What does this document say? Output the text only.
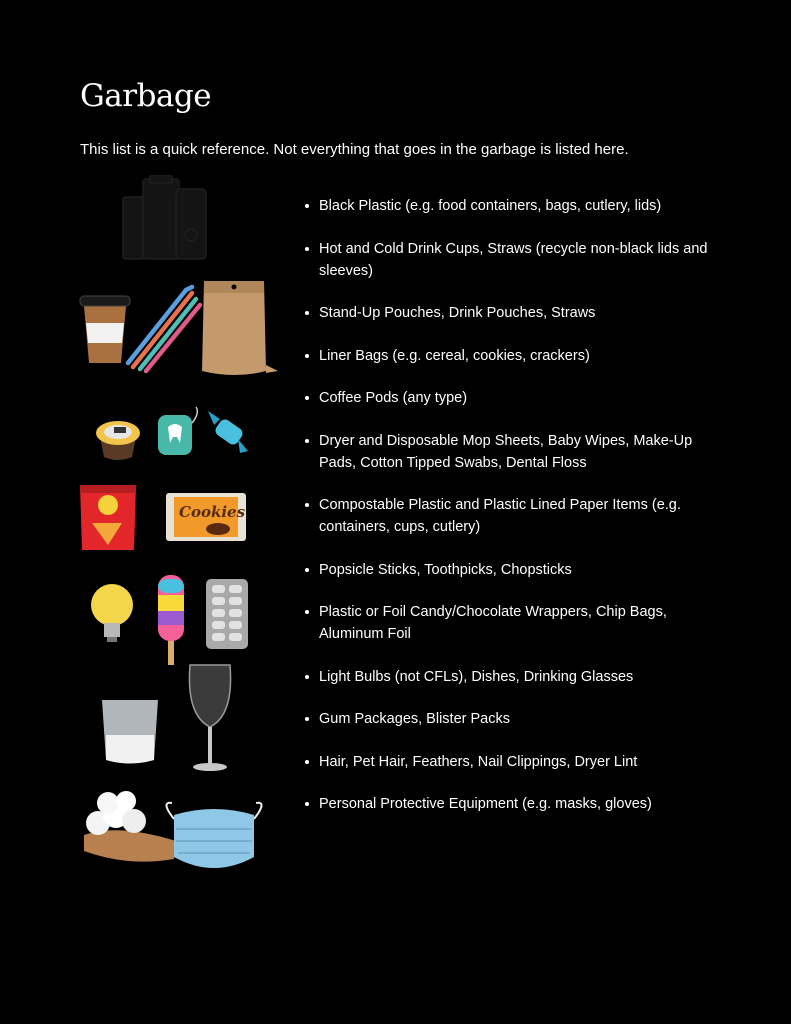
Garbage

This list is a quick reference. Not everything that goes in the garbage is listed here.

Black Plastic (e.g. food containers, bags, cutlery, lids)
Hot and Cold Drink Cups, Straws (recycle non-black lids and sleeves)
Stand-Up Pouches, Drink Pouches, Straws
Liner Bags (e.g. cereal, cookies, crackers)
Coffee Pods (any type)
Dryer and Disposable Mop Sheets, Baby Wipes, Make-Up Pads, Cotton Tipped Swabs, Dental Floss
Compostable Plastic and Plastic Lined Paper Items (e.g. containers, cups, cutlery)
Popsicle Sticks, Toothpicks, Chopsticks
Plastic or Foil Candy/Chocolate Wrappers, Chip Bags, Aluminum Foil
Light Bulbs (not CFLs), Dishes, Drinking Glasses
Gum Packages, Blister Packs
Hair, Pet Hair, Feathers, Nail Clippings, Dryer Lint
Personal Protective Equipment (e.g. masks, gloves)
Cookies
